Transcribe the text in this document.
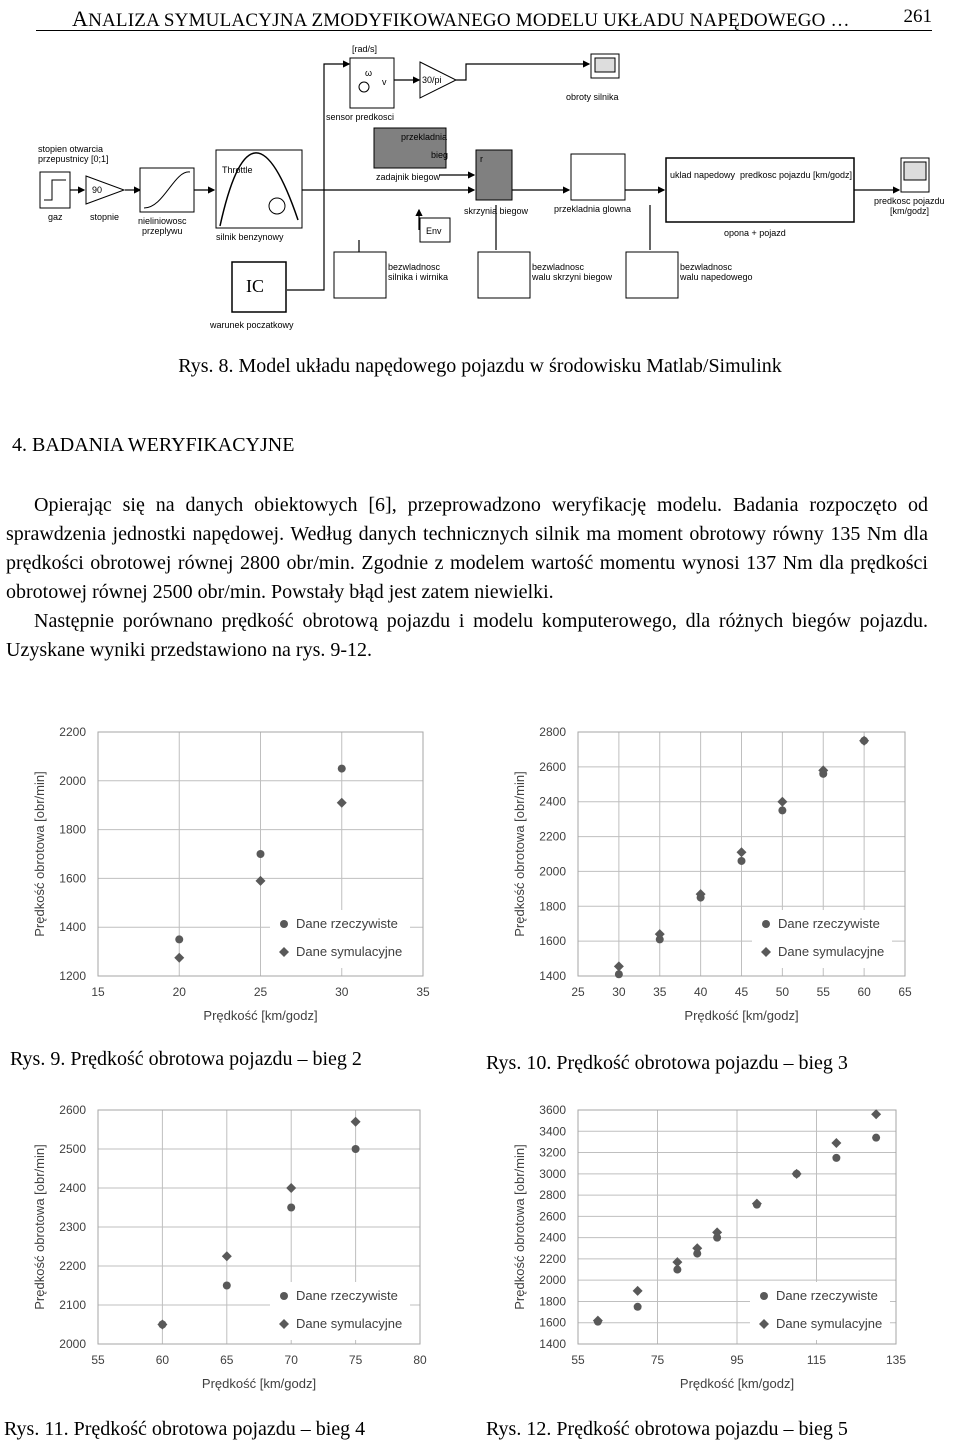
ANALIZA SYMULACYJNA ZMODYFIKOWANEGO MODELU UKŁADU NAPĘDOWEGO …	261
stopien otwarcia
przepustnicy [0;1]
gaz
90
stopnie nieliniowosc
przeplywu
Throttle
silnik benzynowy
ω
v
[rad/s]
sensor predkosci
30/pi
obroty silnika
przekladnia
bieg
zadajnik biegow
r
skrzynia biegow	przekladnia glowna
uklad napedowy predkosc pojazdu [km/godz]
opona + pojazd
predkosc pojazdu
[km/godz]
Env
IC
warunek poczatkowy
bezwladnosc
silnika i wirnika
bezwladnosc
walu skrzyni biegow
bezwladnosc
walu napedowego
Rys. 8. Model układu napędowego pojazdu w środowisku Matlab/Simulink
4. BADANIA WERYFIKACYJNE

Opierając się na danych obiektowych [6], przeprowadzono weryfikację modelu. Badania rozpoczęto od sprawdzenia jednostki napędowej. Według danych technicznych silnik ma moment obrotowy równy 135 Nm dla prędkości obrotowej równej 2800 obr/min. Zgodnie z modelem wartość momentu wynosi 137 Nm dla prędkości obrotowej równej 2500 obr/min. Powstały błąd jest zatem niewielki.

Następnie porównano prędkość obrotową pojazdu i modelu komputerowego, dla różnych biegów pojazdu. Uzyskane wyniki przedstawiono na rys. 9-12.

1200
1400
1600
1800
2000
2200
15	20	25	30	35
Prędkość [km/godz]
Prędkość obrotowa [obr/min]	Dane rzeczywiste
Dane symulacyjne
1400
1600
1800
2000
2200
2400
2600
2800
25 30 35 40 45 50 55 60 65
Prędkość [km/godz]
Prędkość obrotowa [obr/min]	Dane rzeczywiste
Dane symulacyjne
2000
2100
2200
2300
2400
2500
2600
55	60	65	70	75	80
Prędkość [km/godz]
Prędkość obrotowa [obr/min]	Dane rzeczywiste
Dane symulacyjne
1400
1600
1800
2000
2200
2400
2600
2800
3000
3200
3400
3600
55	75	95	115	135
Prędkość [km/godz]
Prędkość obrotowa [obr/min]	Dane rzeczywiste
Dane symulacyjne
Rys. 9. Prędkość obrotowa pojazdu – bieg 2	Rys. 10. Prędkość obrotowa pojazdu – bieg 3
Rys. 11. Prędkość obrotowa pojazdu – bieg 4	Rys. 12. Prędkość obrotowa pojazdu – bieg 5
